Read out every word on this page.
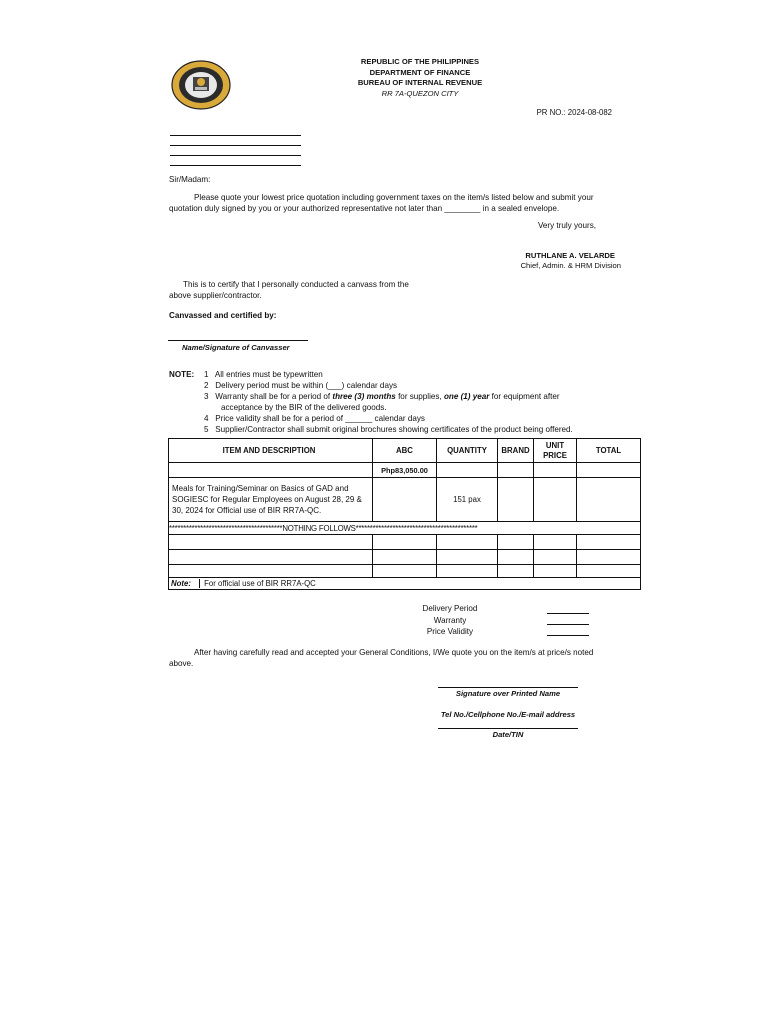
REPUBLIC OF THE PHILIPPINES
DEPARTMENT OF FINANCE
BUREAU OF INTERNAL REVENUE
RR 7A-QUEZON CITY
PR NO.: 2024-08-082
Sir/Madam:
Please quote your lowest price quotation including government taxes on the item/s listed below and submit your
quotation duly signed by you or your authorized representative not later than ________ in a sealed envelope.
Very truly yours,
RUTHLANE A. VELARDE
Chief, Admin. & HRM Division
This is to certify that I personally conducted a canvass from the
above supplier/contractor.
Canvassed and certified by:
Name/Signature of Canvasser
NOTE: 1 All entries must be typewritten
2 Delivery period must be within (___) calendar days
3 Warranty shall be for a period of three (3) months for supplies, one (1) year for equipment after
acceptance by the BIR of the delivered goods.
4 Price validity shall be for a period of ______ calendar days
5 Supplier/Contractor shall submit original brochures showing certificates of the product being offered.
ITEM AND DESCRIPTION	ABC	QUANTITY	BRAND	UNIT PRICE	TOTAL
	Php83,050.00				
Meals for Training/Seminar on Basics of GAD and SOGIESC for Regular Employees on August 28, 29 & 30, 2024 for Official use of BIR RR7A-QC.		151 pax			
****************************************NOTHING FOLLOWS*******************************************					

Note: For official use of BIR RR7A-QC					
Delivery Period
Warranty
Price Validity
After having carefully read and accepted your General Conditions, I/We quote you on the item/s at price/s noted
above.
Signature over Printed Name
Tel No./Cellphone No./E-mail address
Date/TIN
